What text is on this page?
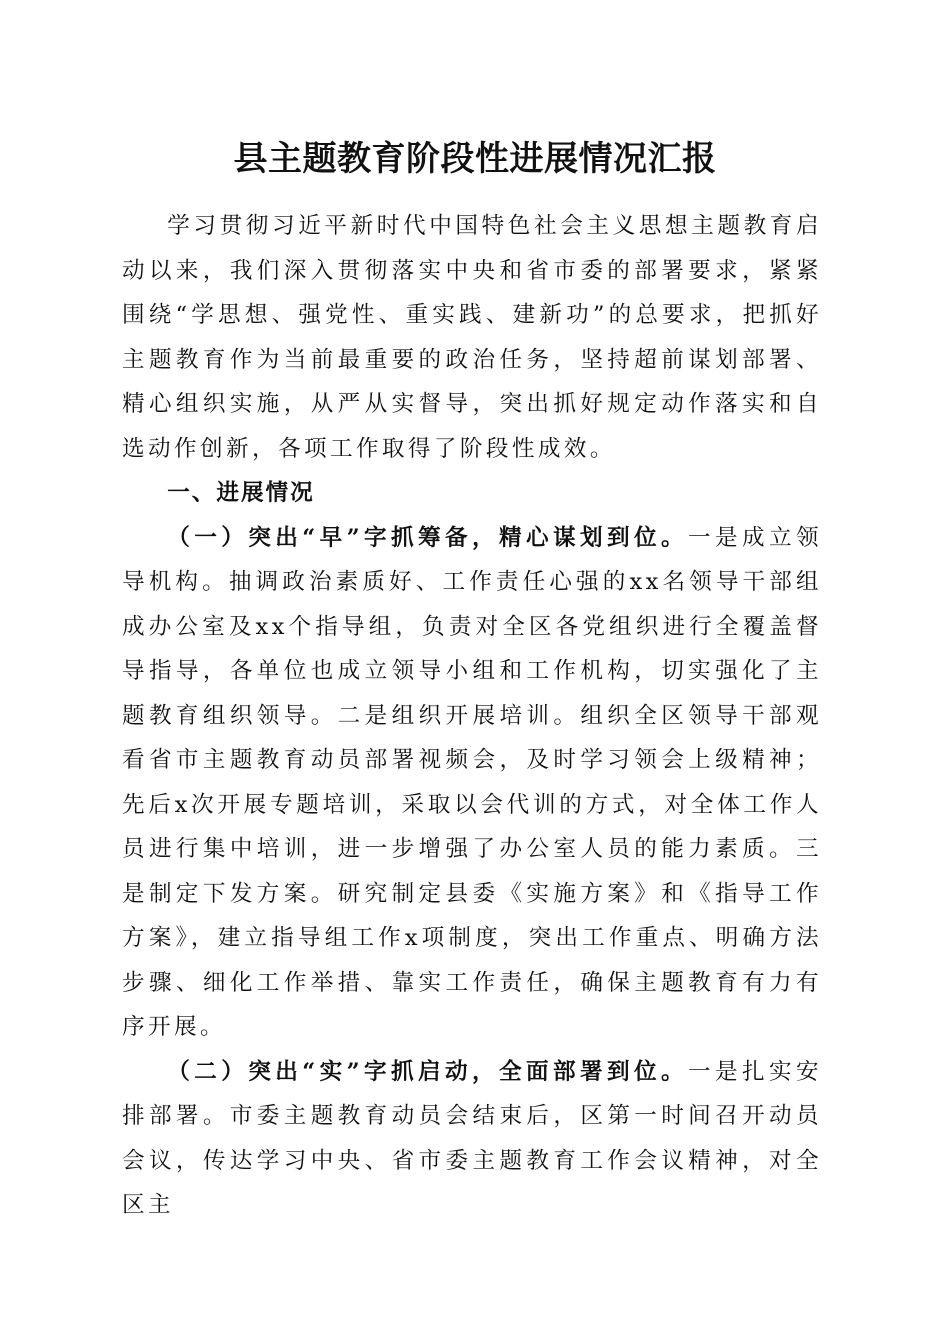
县主题教育阶段性进展情况汇报

学习贯彻习近平新时代中国特色社会主义思想主题教育启动以来，我们深入贯彻落实中央和省市委的部署要求，紧紧围绕“学思想、强党性、重实践、建新功”的总要求，把抓好主题教育作为当前最重要的政治任务，坚持超前谋划部署、精心组织实施，从严从实督导，突出抓好规定动作落实和自选动作创新，各项工作取得了阶段性成效。

一、进展情况

（一）突出“早”字抓筹备，精心谋划到位。一是成立领导机构。抽调政治素质好、工作责任心强的xx名领导干部组成办公室及xx个指导组，负责对全区各党组织进行全覆盖督导指导，各单位也成立领导小组和工作机构，切实强化了主题教育组织领导。二是组织开展培训。组织全区领导干部观看省市主题教育动员部署视频会，及时学习领会上级精神；先后x次开展专题培训，采取以会代训的方式，对全体工作人员进行集中培训，进一步增强了办公室人员的能力素质。三是制定下发方案。研究制定县委《实施方案》和《指导工作方案》，建立指导组工作x项制度，突出工作重点、明确方法步骤、细化工作举措、靠实工作责任，确保主题教育有力有序开展。

（二）突出“实”字抓启动，全面部署到位。一是扎实安排部署。市委主题教育动员会结束后，区第一时间召开动员会议，传达学习中央、省市委主题教育工作会议精神，对全区主
